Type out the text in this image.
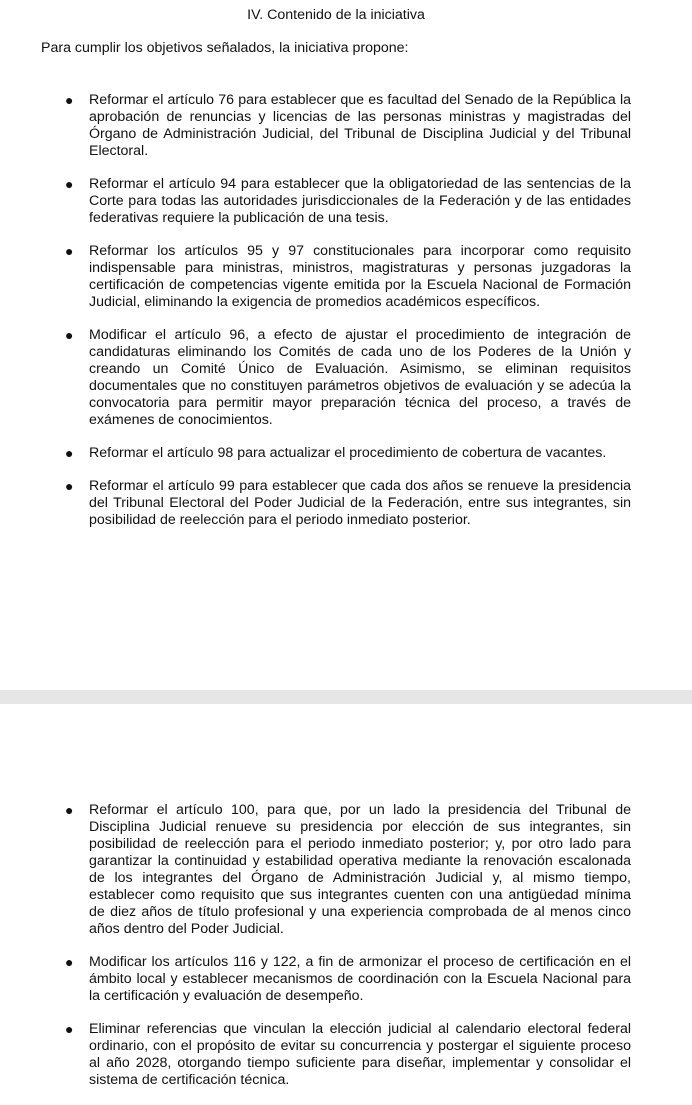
IV. Contenido de la iniciativa
Para cumplir los objetivos señalados, la iniciativa propone:
● Reformar el artículo 76 para establecer que es facultad del Senado de la República la aprobación de renuncias y licencias de las personas ministras y magistradas del Órgano de Administración Judicial, del Tribunal de Disciplina Judicial y del Tribunal Electoral.
● Reformar el artículo 94 para establecer que la obligatoriedad de las sentencias de la Corte para todas las autoridades jurisdiccionales de la Federación y de las entidades federativas requiere la publicación de una tesis.
● Reformar los artículos 95 y 97 constitucionales para incorporar como requisito indispensable para ministras, ministros, magistraturas y personas juzgadoras la certificación de competencias vigente emitida por la Escuela Nacional de Formación Judicial, eliminando la exigencia de promedios académicos específicos.
● Modificar el artículo 96, a efecto de ajustar el procedimiento de integración de candidaturas eliminando los Comités de cada uno de los Poderes de la Unión y creando un Comité Único de Evaluación. Asimismo, se eliminan requisitos documentales que no constituyen parámetros objetivos de evaluación y se adecúa la convocatoria para permitir mayor preparación técnica del proceso, a través de exámenes de conocimientos.
● Reformar el artículo 98 para actualizar el procedimiento de cobertura de vacantes.
● Reformar el artículo 99 para establecer que cada dos años se renueve la presidencia del Tribunal Electoral del Poder Judicial de la Federación, entre sus integrantes, sin posibilidad de reelección para el periodo inmediato posterior.
● Reformar el artículo 100, para que, por un lado la presidencia del Tribunal de Disciplina Judicial renueve su presidencia por elección de sus integrantes, sin posibilidad de reelección para el periodo inmediato posterior; y, por otro lado para garantizar la continuidad y estabilidad operativa mediante la renovación escalonada de los integrantes del Órgano de Administración Judicial y, al mismo tiempo, establecer como requisito que sus integrantes cuenten con una antigüedad mínima de diez años de título profesional y una experiencia comprobada de al menos cinco años dentro del Poder Judicial.
● Modificar los artículos 116 y 122, a fin de armonizar el proceso de certificación en el ámbito local y establecer mecanismos de coordinación con la Escuela Nacional para la certificación y evaluación de desempeño.
● Eliminar referencias que vinculan la elección judicial al calendario electoral federal ordinario, con el propósito de evitar su concurrencia y postergar el siguiente proceso al año 2028, otorgando tiempo suficiente para diseñar, implementar y consolidar el sistema de certificación técnica.
